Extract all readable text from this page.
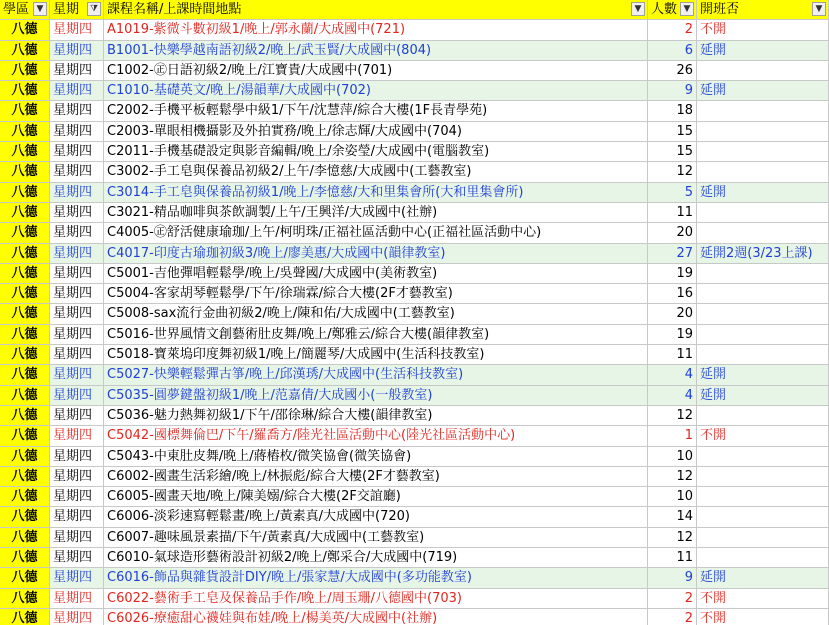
學區 ▼ 星期	⧩ 課程名稱/上課時間地點	▼ 人數 ▼ 開班否	▼
八德	星期四	A1019-紫微斗數初級1/晚上/郭永蘭/大成國中(721)	2 不開
八德	星期四	B1001-快樂學越南語初級2/晚上/武玉賢/大成國中(804)	6 延開
八德	星期四	C1002-㊣日語初級2/晚上/江寶貴/大成國中(701)	26
八德	星期四	C1010-基礎英文/晚上/湯韻華/大成國中(702)	9 延開
八德	星期四	C2002-手機平板輕鬆學中級1/下午/沈慧萍/綜合大樓(1F長青學苑)	18
八德	星期四	C2003-單眼相機攝影及外拍實務/晚上/徐志輝/大成國中(704)	15
八德	星期四	C2011-手機基礎設定與影音編輯/晚上/余姿瑩/大成國中(電腦教室)	15
八德	星期四	C3002-手工皂與保養品初級2/上午/李憶慈/大成國中(工藝教室)	12
八德	星期四	C3014-手工皂與保養品初級1/晚上/李憶慈/大和里集會所(大和里集會所)	5 延開
八德	星期四	C3021-精品咖啡與茶飲調製/上午/王興洋/大成國中(社辦)	11
八德	星期四	C4005-㊣舒活健康瑜珈/上午/柯明珠/正福社區活動中心(正福社區活動中心)	20
八德	星期四	C4017-印度古瑜珈初級3/晚上/廖美惠/大成國中(韻律教室)	27 延開2週(3/23上課)
八德	星期四	C5001-吉他彈唱輕鬆學/晚上/吳聲國/大成國中(美術教室)	19
八德	星期四	C5004-客家胡琴輕鬆學/下午/徐瑞霖/綜合大樓(2F才藝教室)	16
八德	星期四	C5008-sax流行金曲初級2/晚上/陳和佑/大成國中(工藝教室)	20
八德	星期四	C5016-世界風情文創藝術肚皮舞/晚上/鄭雅云/綜合大樓(韻律教室)	19
八德	星期四	C5018-寶萊塢印度舞初級1/晚上/簡麗琴/大成國中(生活科技教室)	11
八德	星期四	C5027-快樂輕鬆彈古箏/晚上/邱漢琇/大成國中(生活科技教室)	4 延開
八德	星期四	C5035-圓夢鍵盤初級1/晚上/范嘉倩/大成國小(一般教室)	4 延開
八德	星期四	C5036-魅力熱舞初級1/下午/邵徐琳/綜合大樓(韻律教室)	12
八德	星期四	C5042-國標舞倫巴/下午/羅喬方/陸光社區活動中心(陸光社區活動中心)	1 不開
八德	星期四	C5043-中東肚皮舞/晚上/蔣樁枚/微笑協會(微笑協會)	10
八德	星期四	C6002-國畫生活彩繪/晚上/林振彪/綜合大樓(2F才藝教室)	12
八德	星期四	C6005-國畫天地/晚上/陳美嫋/綜合大樓(2F交誼廳)	10
八德	星期四	C6006-淡彩速寫輕鬆畫/晚上/黃素真/大成國中(720)	14
八德	星期四	C6007-趣味風景素描/下午/黃素真/大成國中(工藝教室)	12
八德	星期四	C6010-氣球造形藝術設計初級2/晚上/鄭采合/大成國中(719)	11
八德	星期四	C6016-飾品與雜貨設計DIY/晚上/張家慧/大成國中(多功能教室)	9 延開
八德	星期四	C6022-藝術手工皂及保養品手作/晚上/周玉珊/八德國中(703)	2 不開
八德	星期四	C6026-療癒甜心襪娃與布娃/晚上/楊美英/大成國中(社辦)	2 不開
